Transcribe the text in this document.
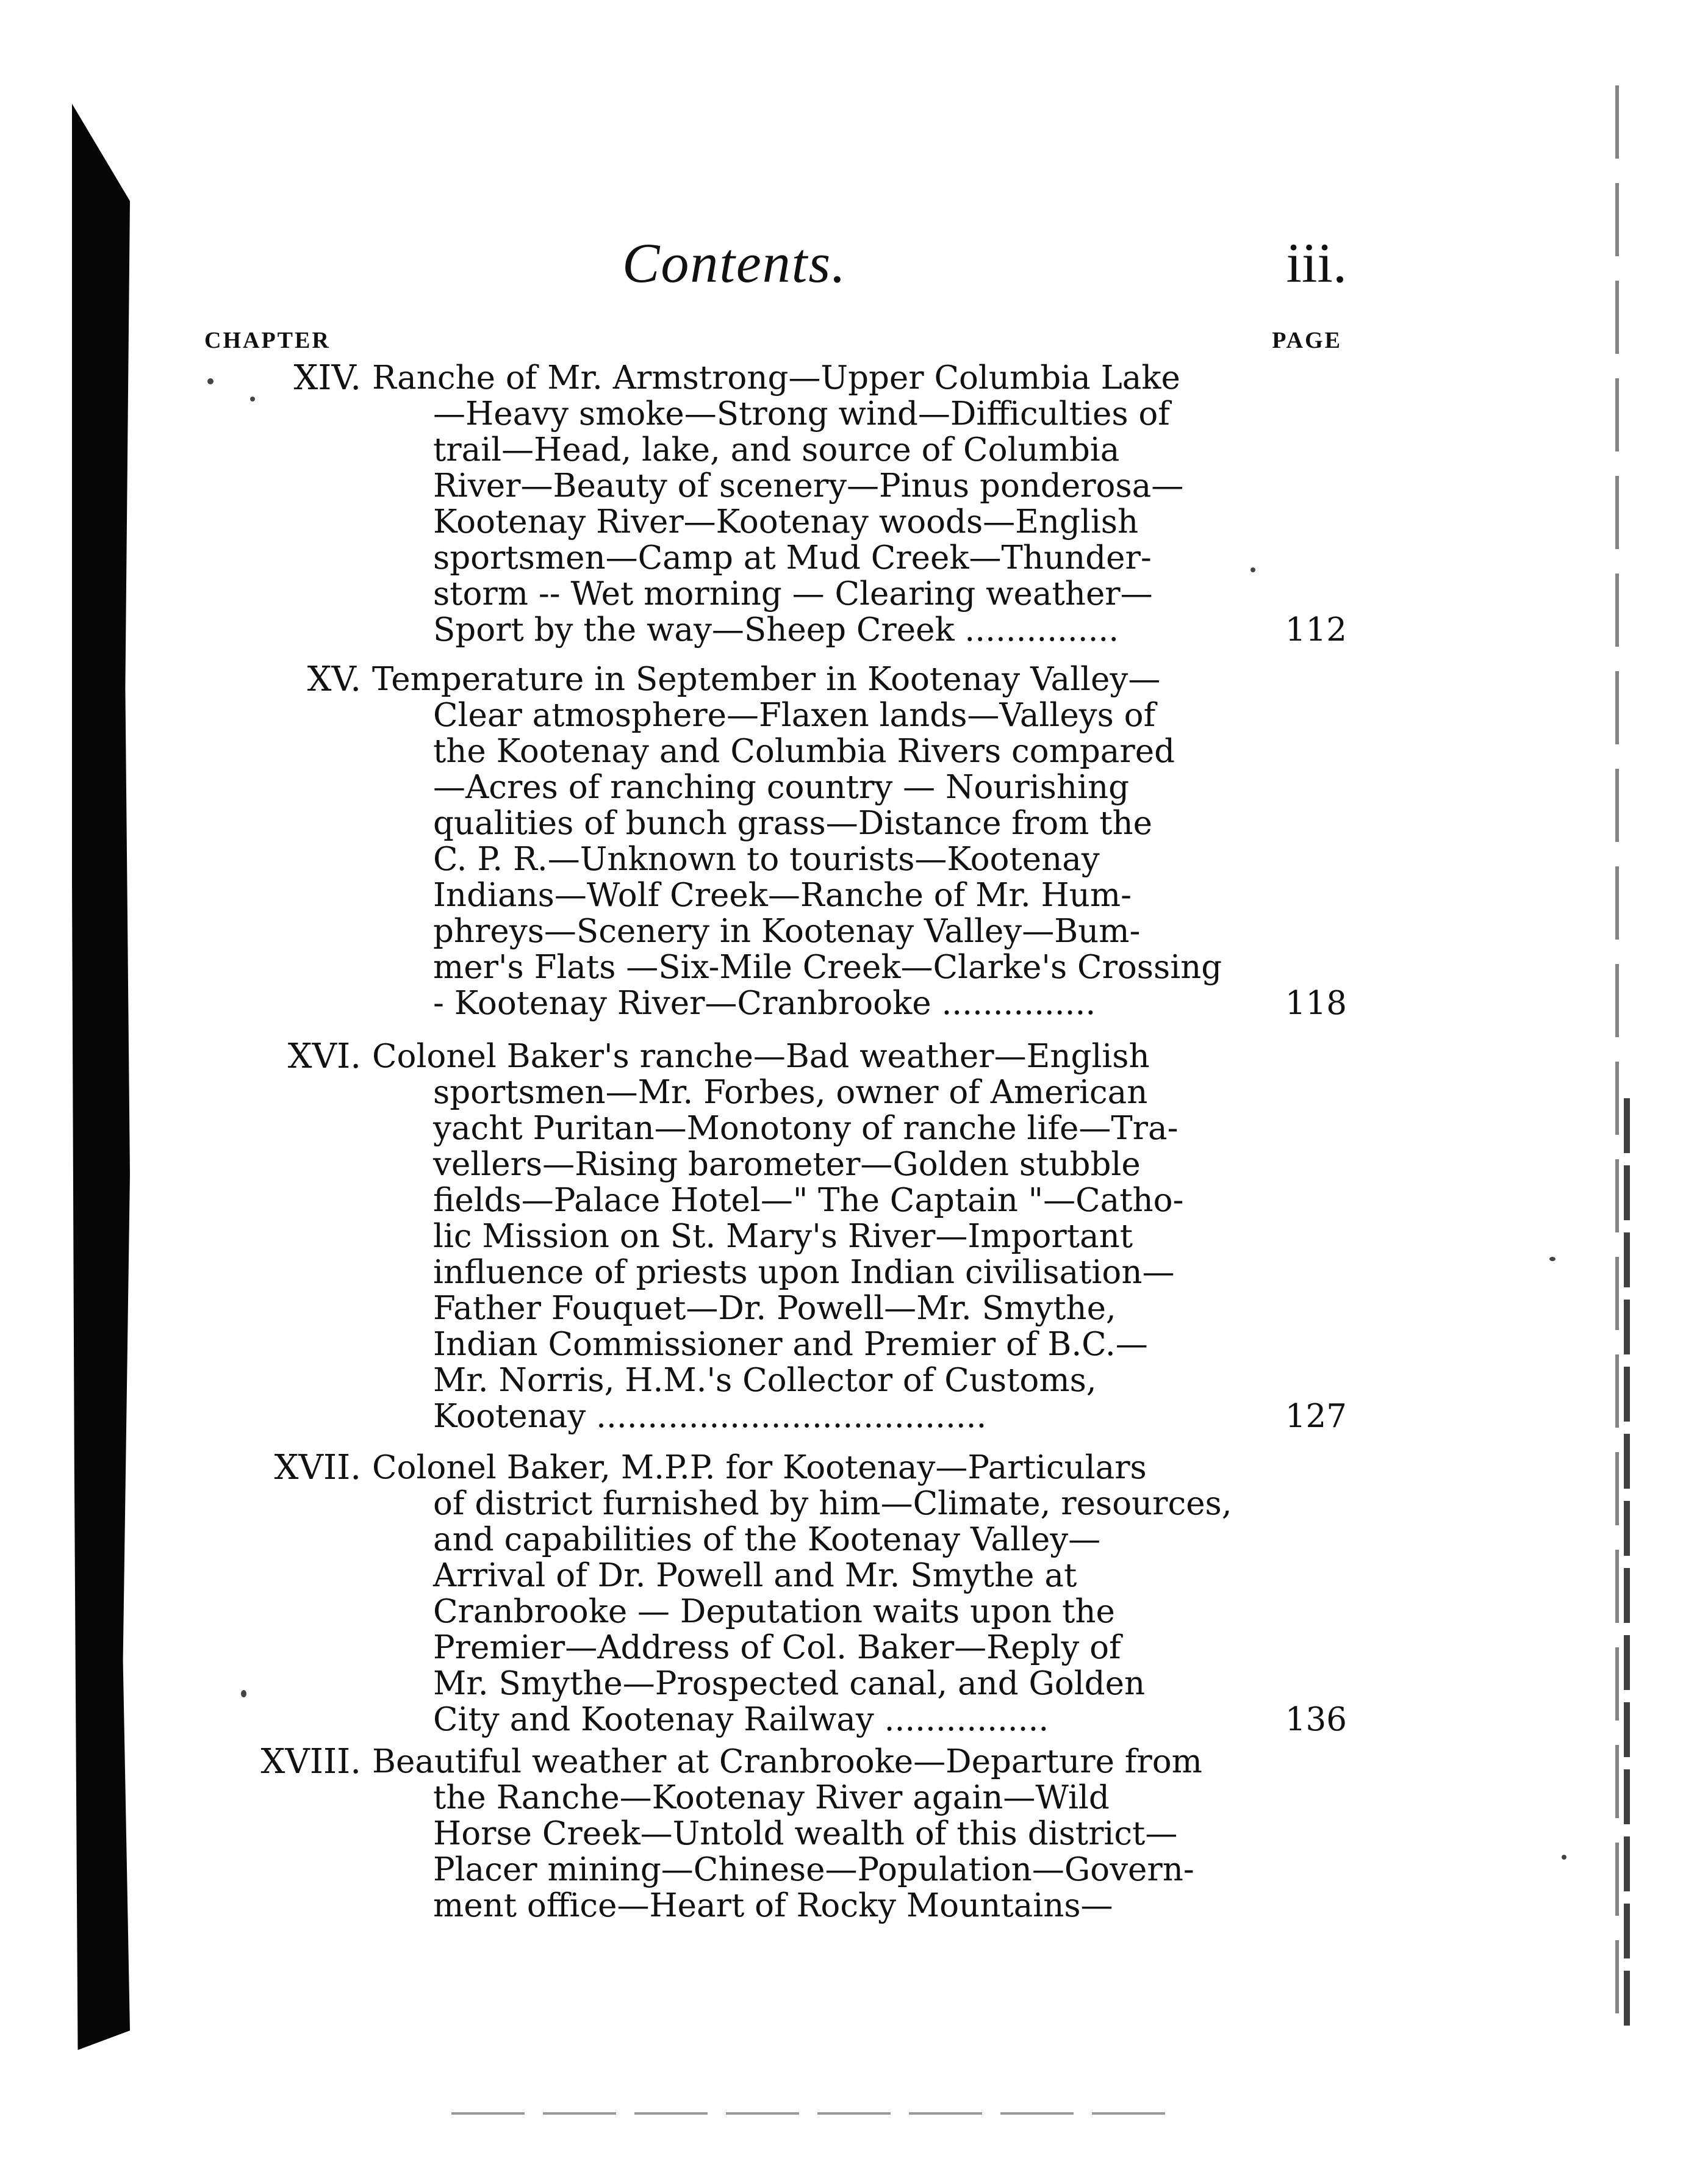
Contents.	iii.
CHAPTER	PAGE
XIV. Ranche of Mr. Armstrong—Upper Columbia Lake
—Heavy smoke—Strong wind—Difficulties of
trail—Head, lake, and source of Columbia
River—Beauty of scenery—Pinus ponderosa—
Kootenay River—Kootenay woods—English
sportsmen—Camp at Mud Creek—Thunder-
storm -- Wet morning — Clearing weather—
Sport by the way—Sheep Creek ...............	112
XV. Temperature in September in Kootenay Valley—
Clear atmosphere—Flaxen lands—Valleys of
the Kootenay and Columbia Rivers compared
—Acres of ranching country — Nourishing
qualities of bunch grass—Distance from the
C. P. R.—Unknown to tourists—Kootenay
Indians—Wolf Creek—Ranche of Mr. Hum-
phreys—Scenery in Kootenay Valley—Bum-
mer's Flats —Six-Mile Creek—Clarke's Crossing
- Kootenay River—Cranbrooke ...............	118
XVI. Colonel Baker's ranche—Bad weather—English
sportsmen—Mr. Forbes, owner of American
yacht Puritan—Monotony of ranche life—Tra-
vellers—Rising barometer—Golden stubble
fields—Palace Hotel—" The Captain "—Catho-
lic Mission on St. Mary's River—Important
influence of priests upon Indian civilisation—
Father Fouquet—Dr. Powell—Mr. Smythe,
Indian Commissioner and Premier of B.C.—
Mr. Norris, H.M.'s Collector of Customs,
Kootenay ......................................	127
XVII. Colonel Baker, M.P.P. for Kootenay—Particulars
of district furnished by him—Climate, resources,
and capabilities of the Kootenay Valley—
Arrival of Dr. Powell and Mr. Smythe at
Cranbrooke — Deputation waits upon the
Premier—Address of Col. Baker—Reply of
Mr. Smythe—Prospected canal, and Golden
City and Kootenay Railway ................	136
XVIII. Beautiful weather at Cranbrooke—Departure from
the Ranche—Kootenay River again—Wild
Horse Creek—Untold wealth of this district—
Placer mining—Chinese—Population—Govern-
ment office—Heart of Rocky Mountains—
